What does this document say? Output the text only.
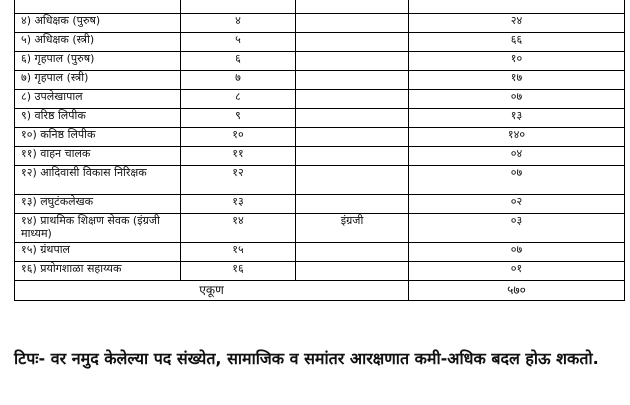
४) अधिक्षक (पुरुष)	४		२४
५) अधिक्षक (स्त्री)	५		६६
६) गृहपाल (पुरुष)	६		१०
७) गृहपाल (स्त्री)	७		१७
८) उपलेखापाल	८		०७
९) वरिष्ठ लिपीक	९		१३
१०) कनिष्ठ लिपीक	१०		१४०
११) वाहन चालक	११		०४
१२) आदिवासी विकास निरिक्षक	१२		०७
१३) लघुटंकलेखक	१३		०२
१४) प्राथमिक शिक्षण सेवक (इंग्रजी माध्यम)	१४	इंग्रजी	०३
१५) ग्रंथपाल	१५		०७
१६) प्रयोगशाळा सहाय्यक	१६		०१
एकूण			५७०
टिपः- वर नमुद केलेल्या पद संख्येत, सामाजिक व समांतर आरक्षणात कमी-अधिक बदल होऊ शकतो.
